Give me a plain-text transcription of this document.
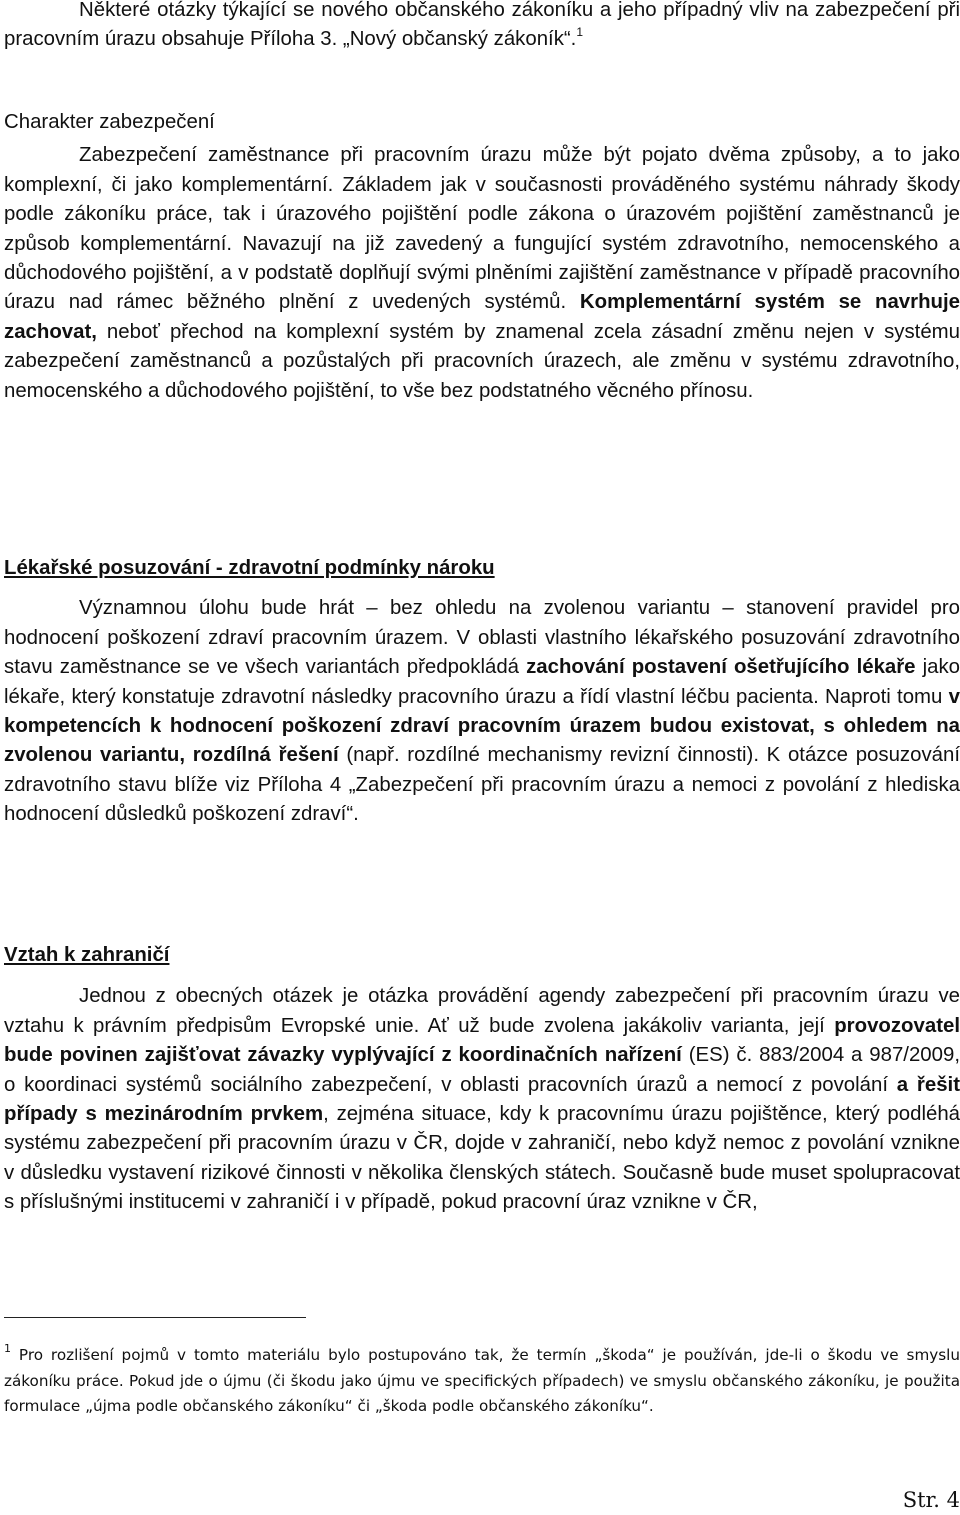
Některé otázky týkající se nového občanského zákoníku a jeho případný vliv na zabezpečení při pracovním úrazu obsahuje Příloha 3. „Nový občanský zákoník“.$^1$

Charakter zabezpečení

Zabezpečení zaměstnance při pracovním úrazu může být pojato dvěma způsoby, a to jako komplexní, či jako komplementární. Základem jak v současnosti prováděného systému náhrady škody podle zákoníku práce, tak i úrazového pojištění podle zákona o úrazovém pojištění zaměstnanců je způsob komplementární. Navazují na již zavedený a fungující systém zdravotního, nemocenského a důchodového pojištění, a v podstatě doplňují svými plněními zajištění zaměstnance v případě pracovního úrazu nad rámec běžného plnění z uvedených systémů. Komplementární systém se navrhuje zachovat, neboť přechod na komplexní systém by znamenal zcela zásadní změnu nejen v systému zabezpečení zaměstnanců a pozůstalých při pracovních úrazech, ale změnu v systému zdravotního, nemocenského a důchodového pojištění, to vše bez podstatného věcného přínosu.

Lékařské posuzování - zdravotní podmínky nároku

Významnou úlohu bude hrát – bez ohledu na zvolenou variantu – stanovení pravidel pro hodnocení poškození zdraví pracovním úrazem. V oblasti vlastního lékařského posuzování zdravotního stavu zaměstnance se ve všech variantách předpokládá zachování postavení ošetřujícího lékaře jako lékaře, který konstatuje zdravotní následky pracovního úrazu a řídí vlastní léčbu pacienta. Naproti tomu v kompetencích k hodnocení poškození zdraví pracovním úrazem budou existovat, s ohledem na zvolenou variantu, rozdílná řešení (např. rozdílné mechanismy revizní činnosti). K otázce posuzování zdravotního stavu blíže viz Příloha 4 „Zabezpečení při pracovním úrazu a nemoci z povolání z hlediska hodnocení důsledků poškození zdraví“.

Vztah k zahraničí

Jednou z obecných otázek je otázka provádění agendy zabezpečení při pracovním úrazu ve vztahu k právním předpisům Evropské unie. Ať už bude zvolena jakákoliv varianta, její provozovatel bude povinen zajišťovat závazky vyplývající z koordinačních nařízení (ES) č. 883/2004 a 987/2009, o koordinaci systémů sociálního zabezpečení, v oblasti pracovních úrazů a nemocí z povolání a řešit případy s mezinárodním prvkem, zejména situace, kdy k pracovnímu úrazu pojištěnce, který podléhá systému zabezpečení při pracovním úrazu v ČR, dojde v zahraničí, nebo když nemoc z povolání vznikne v důsledku vystavení rizikové činnosti v několika členských státech. Současně bude muset spolupracovat s příslušnými institucemi v zahraničí i v případě, pokud pracovní úraz vznikne v ČR,

$^1$ Pro rozlišení pojmů v tomto materiálu bylo postupováno tak, že termín „škoda“ je používán, jde-li o škodu ve smyslu zákoníku práce. Pokud jde o újmu (či škodu jako újmu ve specifických případech) ve smyslu občanského zákoníku, je použita formulace „újma podle občanského zákoníku“ či „škoda podle občanského zákoníku“.

Str. 4
